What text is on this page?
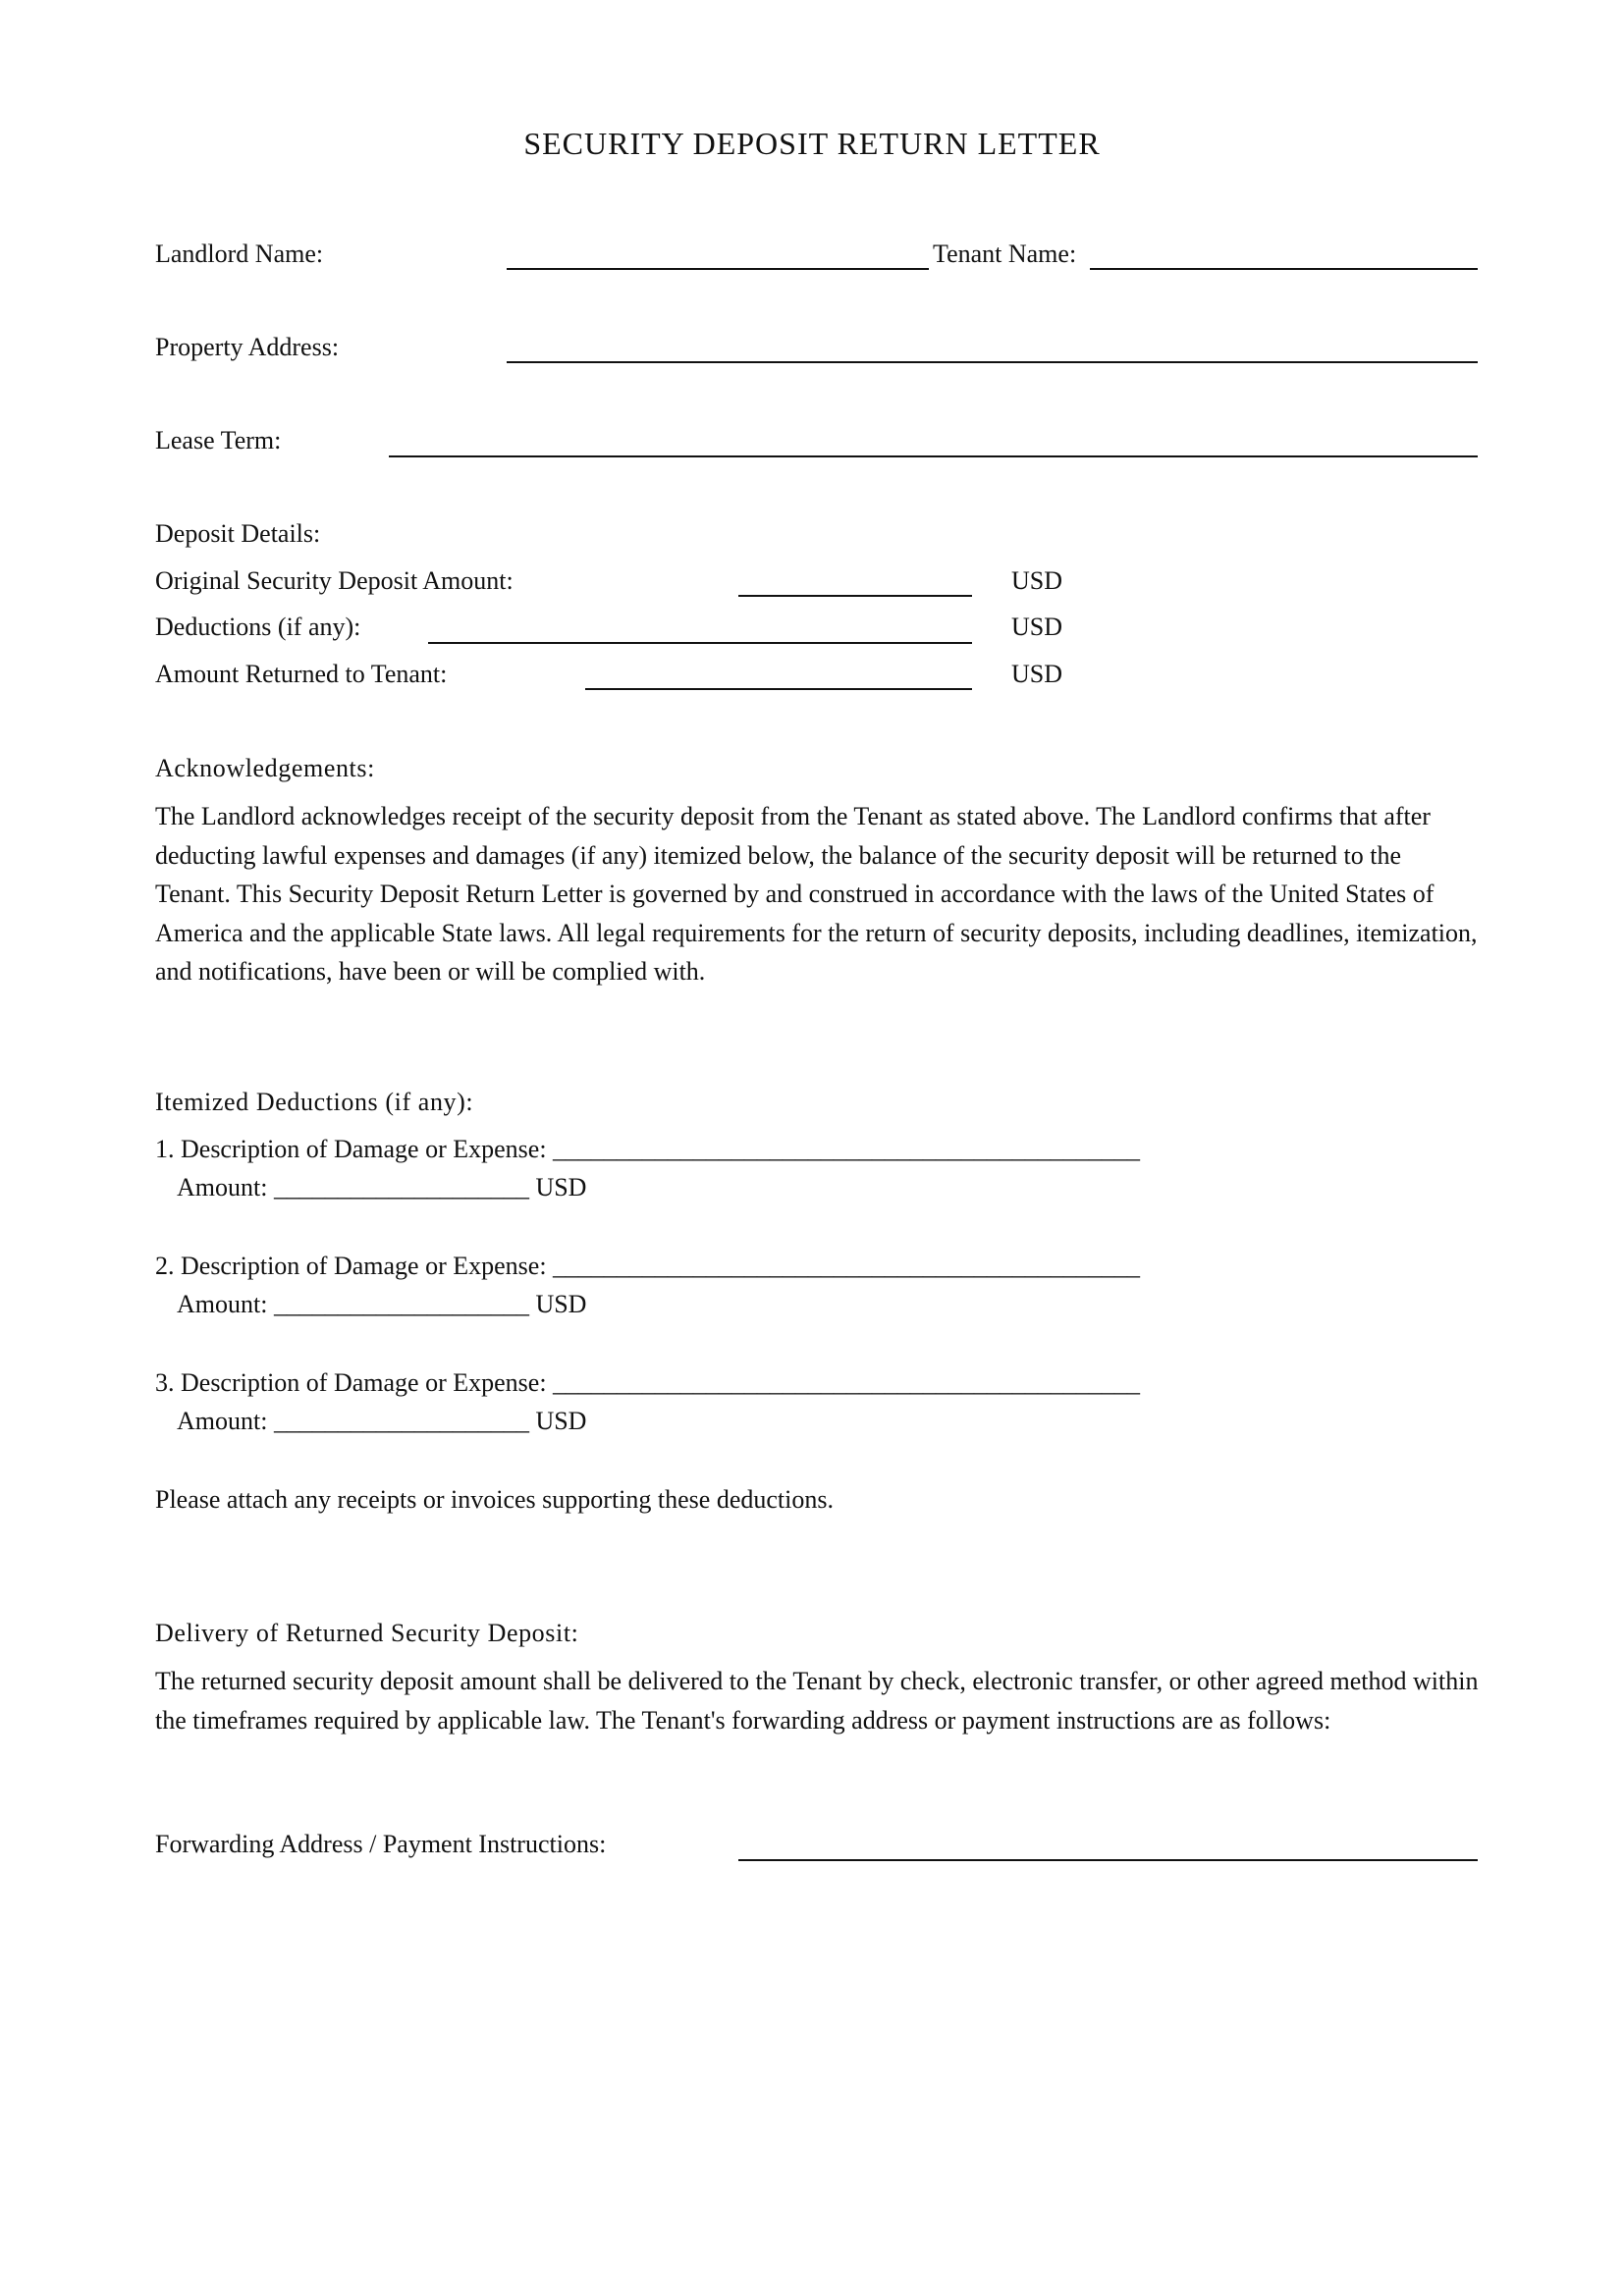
SECURITY DEPOSIT RETURN LETTER
Landlord Name:	Tenant Name:
Property Address:
Lease Term:
Deposit Details:
Original Security Deposit Amount:	USD
Deductions (if any):	USD
Amount Returned to Tenant:	USD
Acknowledgements:
The Landlord acknowledges receipt of the security deposit from the Tenant as stated above. The Landlord confirms that after deducting lawful expenses and damages (if any) itemized below, the balance of the security deposit will be returned to the Tenant. This Security Deposit Return Letter is governed by and construed in accordance with the laws of the United States of America and the applicable State laws. All legal requirements for the return of security deposits, including deadlines, itemization, and notifications, have been or will be complied with.
Itemized Deductions (if any):
1. Description of Damage or Expense: ______________________________________________
Amount: ____________________ USD
2. Description of Damage or Expense: ______________________________________________
Amount: ____________________ USD
3. Description of Damage or Expense: ______________________________________________
Amount: ____________________ USD
Please attach any receipts or invoices supporting these deductions.
Delivery of Returned Security Deposit:
The returned security deposit amount shall be delivered to the Tenant by check, electronic transfer, or other agreed method within the timeframes required by applicable law. The Tenant's forwarding address or payment instructions are as follows:
Forwarding Address / Payment Instructions:
